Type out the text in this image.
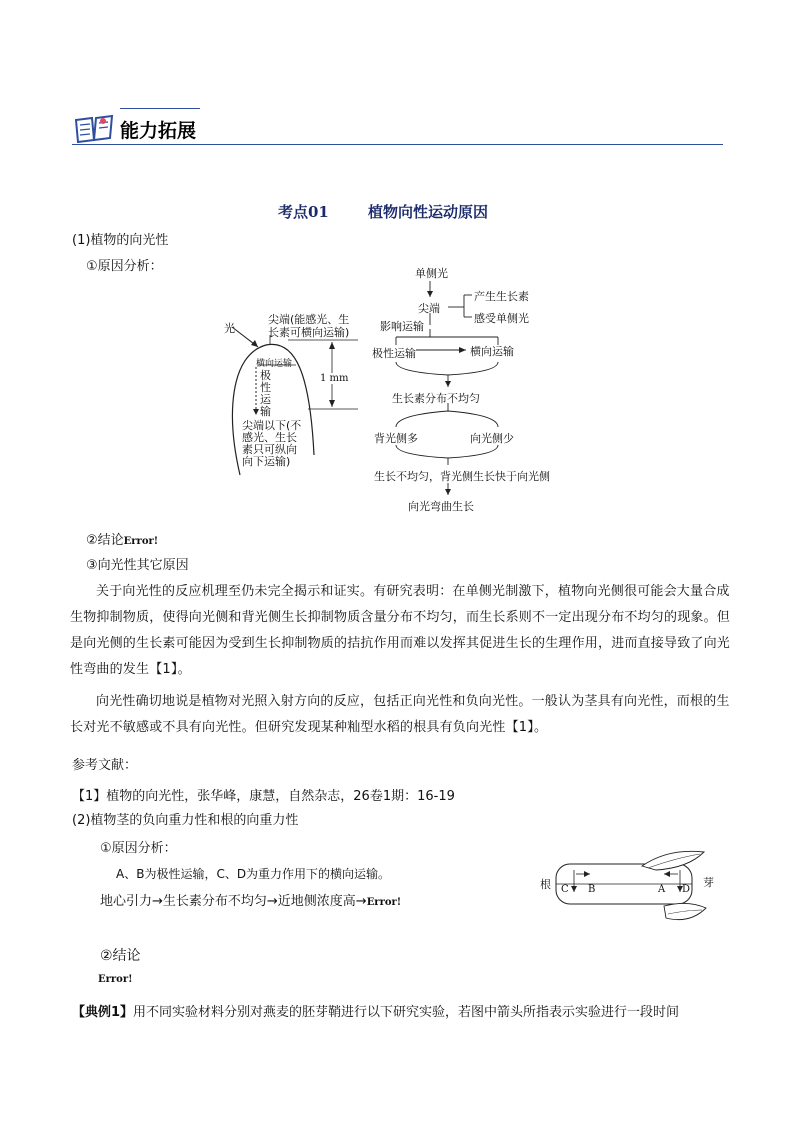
能力拓展
考点01	植物向性运动原因
(1)植物的向光性
①原因分析：
光
尖端(能感光、生
长素可横向运输)
横向运输
极
性
运
输
尖端以下(不
感光、生长
素只可纵向
向下运输)
1 mm
单侧光
尖端
产生生长素
感受单侧光
影响运输
极性运输	横向运输
生长素分布不均匀
背光侧多	向光侧少
生长不均匀，背光侧生长快于向光侧
向光弯曲生长
②结论Error!
③向光性其它原因
关于向光性的反应机理至仍未完全揭示和证实。有研究表明：在单侧光制激下，植物向光侧很可能会大量合成生物抑制物质，使得向光侧和背光侧生长抑制物质含量分布不均匀，而生长系则不一定出现分布不均匀的现象。但是向光侧的生长素可能因为受到生长抑制物质的拮抗作用而难以发挥其促进生长的生理作用，进而直接导致了向光性弯曲的发生【1】。
向光性确切地说是植物对光照入射方向的反应，包括正向光性和负向光性。一般认为茎具有向光性，而根的生长对光不敏感或不具有向光性。但研究发现某种籼型水稻的根具有负向光性【1】。
参考文献：
【1】植物的向光性，张华峰，康慧，自然杂志，26卷1期：16-19
(2)植物茎的负向重力性和根的向重力性
①原因分析：
A、B为极性运输，C、D为重力作用下的横向运输。
地心引力→生长素分布不均匀→近地侧浓度高→Error!
②结论
Error!
根	芽
C B	A D
【典例1】用不同实验材料分别对燕麦的胚芽鞘进行以下研究实验，若图中箭头所指表示实验进行一段时间
